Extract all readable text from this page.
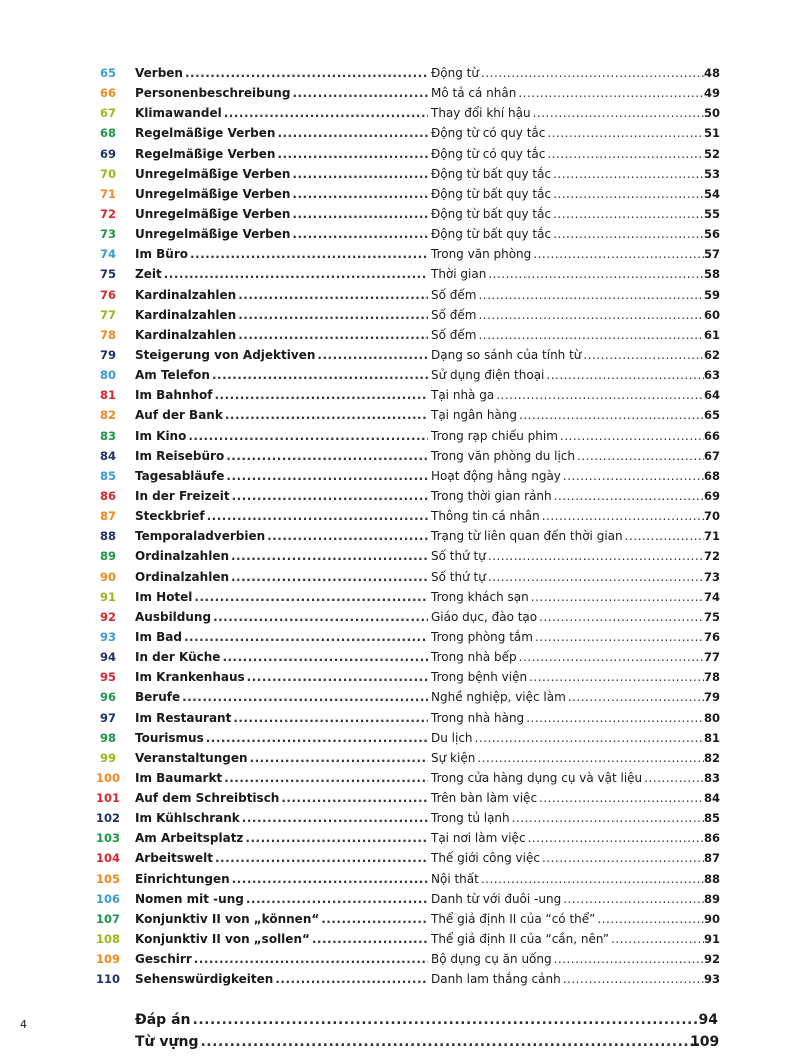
65	Verben .....	Động từ .....	48
66	Personenbeschreibung .....	Mô tả cá nhân .....	49
67	Klimawandel .....	Thay đổi khí hậu .....	50
68	Regelmäßige Verben .....	Động từ có quy tắc .....	51
69	Regelmäßige Verben .....	Động từ có quy tắc .....	52
70	Unregelmäßige Verben .....	Động từ bất quy tắc .....	53
71	Unregelmäßige Verben .....	Động từ bất quy tắc .....	54
72	Unregelmäßige Verben .....	Động từ bất quy tắc .....	55
73	Unregelmäßige Verben .....	Động từ bất quy tắc .....	56
74	Im Büro .....	Trong văn phòng .....	57
75	Zeit .....	Thời gian .....	58
76	Kardinalzahlen .....	Số đếm .....	59
77	Kardinalzahlen .....	Số đếm .....	60
78	Kardinalzahlen .....	Số đếm .....	61
79	Steigerung von Adjektiven .....	Dạng so sánh của tính từ .....	62
80	Am Telefon .....	Sử dụng điện thoại .....	63
81	Im Bahnhof .....	Tại nhà ga .....	64
82	Auf der Bank .....	Tại ngân hàng .....	65
83	Im Kino .....	Trong rạp chiếu phim .....	66
84	Im Reisebüro .....	Trong văn phòng du lịch .....	67
85	Tagesabläufe .....	Hoạt động hằng ngày .....	68
86	In der Freizeit .....	Trong thời gian rảnh .....	69
87	Steckbrief .....	Thông tin cá nhân .....	70
88	Temporaladverbien .....	Trạng từ liên quan đến thời gian .....	71
89	Ordinalzahlen .....	Số thứ tự .....	72
90	Ordinalzahlen .....	Số thứ tự .....	73
91	Im Hotel .....	Trong khách sạn .....	74
92	Ausbildung .....	Giáo dục, đào tạo .....	75
93	Im Bad .....	Trong phòng tắm .....	76
94	In der Küche .....	Trong nhà bếp .....	77
95	Im Krankenhaus .....	Trong bệnh viện .....	78
96	Berufe .....	Nghề nghiệp, việc làm .....	79
97	Im Restaurant .....	Trong nhà hàng .....	80
98	Tourismus .....	Du lịch .....	81
99	Veranstaltungen .....	Sự kiện .....	82
100	Im Baumarkt .....	Trong cửa hàng dụng cụ và vật liệu .....	83
101	Auf dem Schreibtisch .....	Trên bàn làm việc .....	84
102	Im Kühlschrank .....	Trong tủ lạnh .....	85
103	Am Arbeitsplatz .....	Tại nơi làm việc .....	86
104	Arbeitswelt .....	Thế giới công việc .....	87
105	Einrichtungen .....	Nội thất .....	88
106	Nomen mit -ung .....	Danh từ với đuôi -ung .....	89
107	Konjunktiv II von „können“ .....	Thể giả định II của “có thể” .....	90
108	Konjunktiv II von „sollen“ .....	Thể giả định II của “cần, nên” .....	91
109	Geschirr .....	Bộ dụng cụ ăn uống .....	92
110	Sehenswürdigkeiten .....	Danh lam thắng cảnh .....	93
Đáp án .....	94
Từ vựng .....	109
4
